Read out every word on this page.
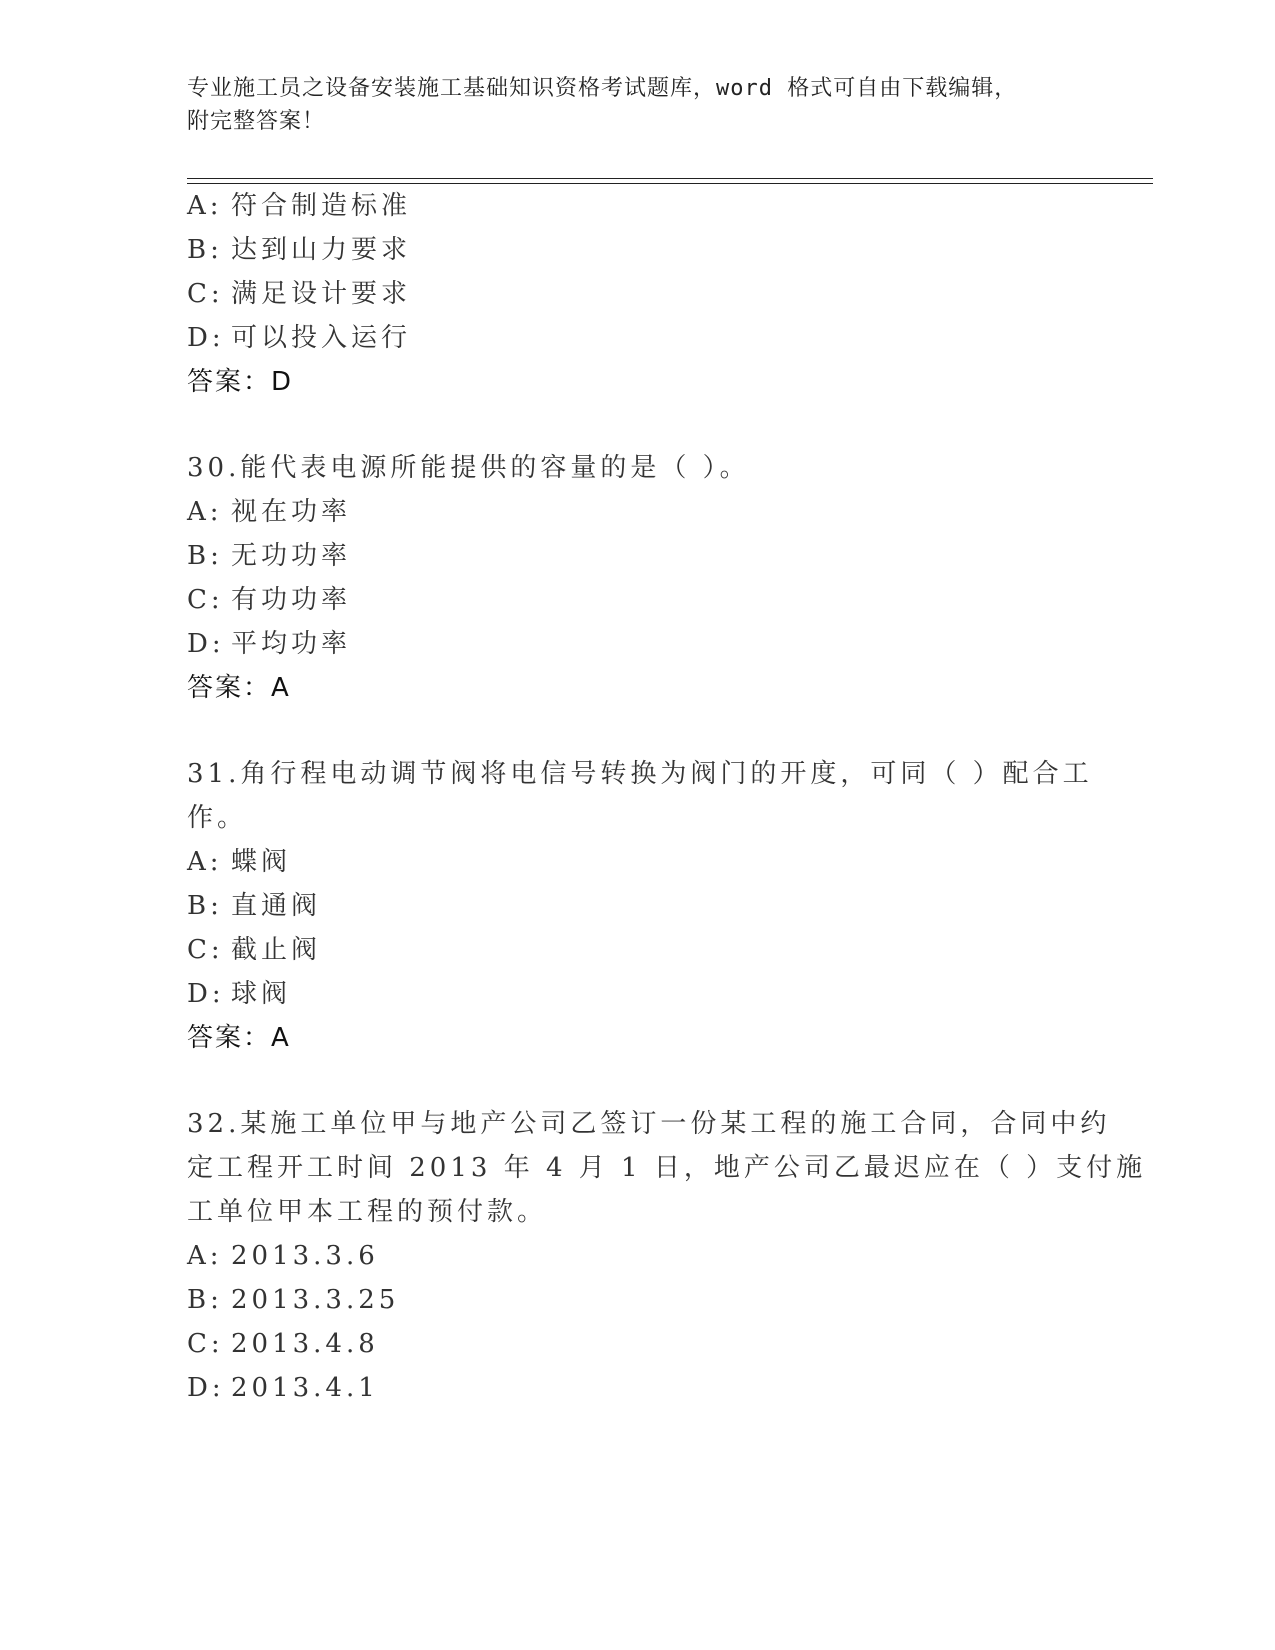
专业施工员之设备安装施工基础知识资格考试题库，word 格式可自由下载编辑，
附完整答案！
A: 符合制造标准
B: 达到山力要求
C: 满足设计要求
D: 可以投入运行
答案：D
30.能代表电源所能提供的容量的是（ ）。
A: 视在功率
B: 无功功率
C: 有功功率
D: 平均功率
答案：A
31.角行程电动调节阀将电信号转换为阀门的开度，可同（ ）配合工
作。
A: 蝶阀
B: 直通阀
C: 截止阀
D: 球阀
答案：A
32.某施工单位甲与地产公司乙签订一份某工程的施工合同，合同中约
定工程开工时间 2013 年 4 月 1 日，地产公司乙最迟应在（ ）支付施
工单位甲本工程的预付款。
A: 2013.3.6
B: 2013.3.25
C: 2013.4.8
D: 2013.4.1
